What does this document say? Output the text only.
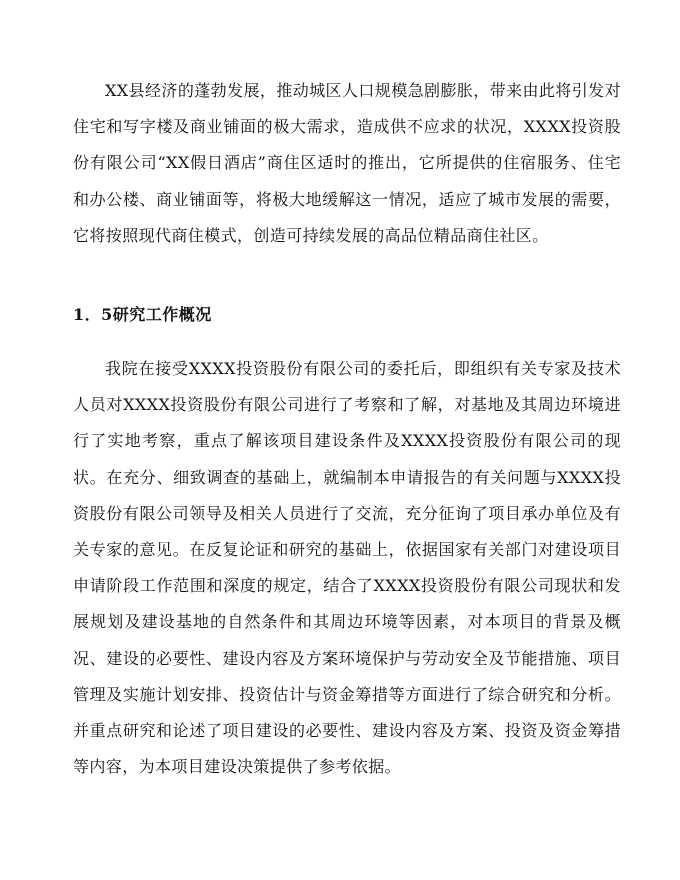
XX县经济的蓬勃发展，推动城区人口规模急剧膨胀，带来由此将引发对住宅和写字楼及商业铺面的极大需求，造成供不应求的状况，XXXX投资股份有限公司“XX假日酒店”商住区适时的推出，它所提供的住宿服务、住宅和办公楼、商业铺面等，将极大地缓解这一情况，适应了城市发展的需要，它将按照现代商住模式，创造可持续发展的高品位精品商住社区。

1．5研究工作概况

我院在接受XXXX投资股份有限公司的委托后，即组织有关专家及技术人员对XXXX投资股份有限公司进行了考察和了解，对基地及其周边环境进行了实地考察，重点了解该项目建设条件及XXXX投资股份有限公司的现状。在充分、细致调查的基础上，就编制本申请报告的有关问题与XXXX投资股份有限公司领导及相关人员进行了交流，充分征询了项目承办单位及有关专家的意见。在反复论证和研究的基础上，依据国家有关部门对建设项目申请阶段工作范围和深度的规定，结合了XXXX投资股份有限公司现状和发展规划及建设基地的自然条件和其周边环境等因素，对本项目的背景及概况、建设的必要性、建设内容及方案环境保护与劳动安全及节能措施、项目管理及实施计划安排、投资估计与资金筹措等方面进行了综合研究和分析。并重点研究和论述了项目建设的必要性、建设内容及方案、投资及资金筹措等内容，为本项目建设决策提供了参考依据。
